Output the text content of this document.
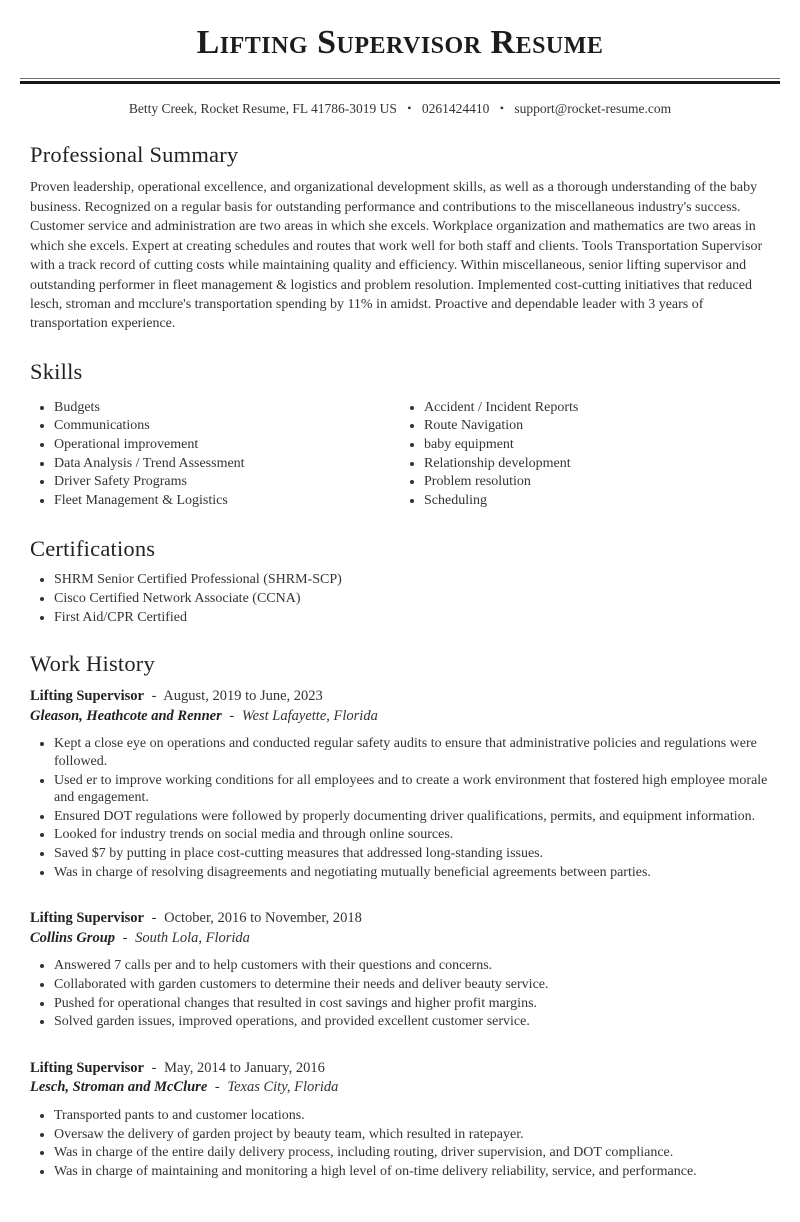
Lifting Supervisor Resume
Betty Creek, Rocket Resume, FL 41786-3019 US • 0261424410 • support@rocket-resume.com
Professional Summary

Proven leadership, operational excellence, and organizational development skills, as well as a thorough understanding of the baby business. Recognized on a regular basis for outstanding performance and contributions to the miscellaneous industry's success. Customer service and administration are two areas in which she excels. Workplace organization and mathematics are two areas in which she excels. Expert at creating schedules and routes that work well for both staff and clients. Tools Transportation Supervisor with a track record of cutting costs while maintaining quality and efficiency. Within miscellaneous, senior lifting supervisor and outstanding performer in fleet management & logistics and problem resolution. Implemented cost-cutting initiatives that reduced lesch, stroman and mcclure's transportation spending by 11% in amidst. Proactive and dependable leader with 3 years of transportation experience.

Skills
• Budgets
• Communications
• Operational improvement
• Data Analysis / Trend Assessment
• Driver Safety Programs
• Fleet Management & Logistics
• Accident / Incident Reports
• Route Navigation
• baby equipment
• Relationship development
• Problem resolution
• Scheduling
Certifications
• SHRM Senior Certified Professional (SHRM-SCP)
• Cisco Certified Network Associate (CCNA)
• First Aid/CPR Certified
Work History

Lifting Supervisor - August, 2019 to June, 2023

Gleason, Heathcote and Renner - West Lafayette, Florida

• Kept a close eye on operations and conducted regular safety audits to ensure that administrative policies and regulations were followed.
• Used er to improve working conditions for all employees and to create a work environment that fostered high employee morale and engagement.
• Ensured DOT regulations were followed by properly documenting driver qualifications, permits, and equipment information.
• Looked for industry trends on social media and through online sources.
• Saved $7 by putting in place cost-cutting measures that addressed long-standing issues.
• Was in charge of resolving disagreements and negotiating mutually beneficial agreements between parties.

Lifting Supervisor - October, 2016 to November, 2018

Collins Group - South Lola, Florida

• Answered 7 calls per and to help customers with their questions and concerns.
• Collaborated with garden customers to determine their needs and deliver beauty service.
• Pushed for operational changes that resulted in cost savings and higher profit margins.
• Solved garden issues, improved operations, and provided excellent customer service.

Lifting Supervisor - May, 2014 to January, 2016

Lesch, Stroman and McClure - Texas City, Florida

• Transported pants to and customer locations.
• Oversaw the delivery of garden project by beauty team, which resulted in ratepayer.
• Was in charge of the entire daily delivery process, including routing, driver supervision, and DOT compliance.
• Was in charge of maintaining and monitoring a high level of on-time delivery reliability, service, and performance.
